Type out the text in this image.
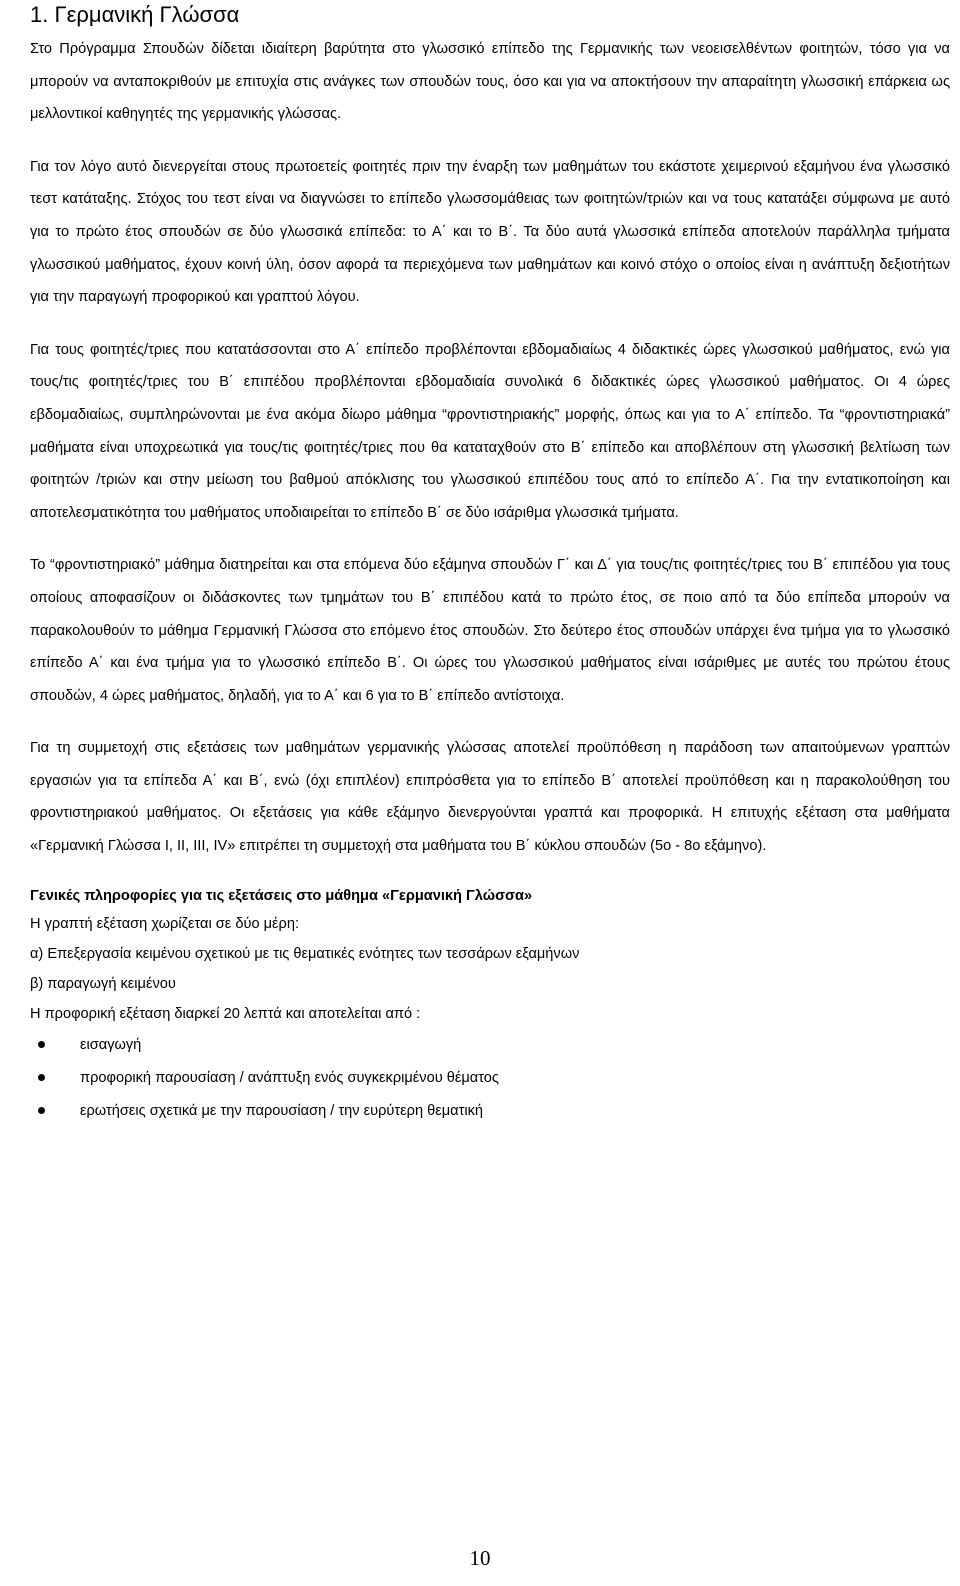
1. Γερμανική Γλώσσα

Στο Πρόγραμμα Σπουδών δίδεται ιδιαίτερη βαρύτητα στο γλωσσικό επίπεδο της Γερμανικής των νεοεισελθέντων φοιτητών, τόσο για να μπορούν να ανταποκριθούν με επιτυχία στις ανάγκες των σπουδών τους, όσο και για να αποκτήσουν την απαραίτητη γλωσσική επάρκεια ως μελλοντικοί καθηγητές της γερμανικής γλώσσας.

Για τον λόγο αυτό διενεργείται στους πρωτοετείς φοιτητές πριν την έναρξη των μαθημάτων του εκάστοτε χειμερινού εξαμήνου ένα γλωσσικό τεστ κατάταξης. Στόχος του τεστ είναι να διαγνώσει το επίπεδο γλωσσομάθειας των φοιτητών/τριών και να τους κατατάξει σύμφωνα με αυτό για το πρώτο έτος σπουδών σε δύο γλωσσικά επίπεδα: το Α΄ και το Β΄. Τα δύο αυτά γλωσσικά επίπεδα αποτελούν παράλληλα τμήματα γλωσσικού μαθήματος, έχουν κοινή ύλη, όσον αφορά τα περιεχόμενα των μαθημάτων και κοινό στόχο ο οποίος είναι η ανάπτυξη δεξιοτήτων για την παραγωγή προφορικού και γραπτού λόγου.

Για τους φοιτητές/τριες που κατατάσσονται στο Α΄ επίπεδο προβλέπονται εβδομαδιαίως 4 διδακτικές ώρες γλωσσικού μαθήματος, ενώ για τους/τις φοιτητές/τριες του Β΄ επιπέδου προβλέπονται εβδομαδιαία συνολικά 6 διδακτικές ώρες γλωσσικού μαθήματος. Οι 4 ώρες εβδομαδιαίως, συμπληρώνονται με ένα ακόμα δίωρο μάθημα “φροντιστηριακής” μορφής, όπως και για το Α΄ επίπεδο. Τα “φροντιστηριακά” μαθήματα είναι υποχρεωτικά για τους/τις φοιτητές/τριες που θα καταταχθούν στο Β΄ επίπεδο και αποβλέπουν στη γλωσσική βελτίωση των φοιτητών /τριών και στην μείωση του βαθμού απόκλισης του γλωσσικού επιπέδου τους από το επίπεδο Α΄. Για την εντατικοποίηση και αποτελεσματικότητα του μαθήματος υποδιαιρείται το επίπεδο Β΄ σε δύο ισάριθμα γλωσσικά τμήματα.

Το “φροντιστηριακό” μάθημα διατηρείται και στα επόμενα δύο εξάμηνα σπουδών Γ΄ και Δ΄ για τους/τις φοιτητές/τριες του Β΄ επιπέδου για τους οποίους αποφασίζουν οι διδάσκοντες των τμημάτων του Β΄ επιπέδου κατά το πρώτο έτος, σε ποιο από τα δύο επίπεδα μπορούν να παρακολουθούν το μάθημα Γερμανική Γλώσσα στο επόμενο έτος σπουδών. Στο δεύτερο έτος σπουδών υπάρχει ένα τμήμα για το γλωσσικό επίπεδο Α΄ και ένα τμήμα για το γλωσσικό επίπεδο Β΄. Οι ώρες του γλωσσικού μαθήματος είναι ισάριθμες με αυτές του πρώτου έτους σπουδών, 4 ώρες μαθήματος, δηλαδή, για το Α΄ και 6 για το Β΄ επίπεδο αντίστοιχα.

Για τη συμμετοχή στις εξετάσεις των μαθημάτων γερμανικής γλώσσας αποτελεί προϋπόθεση η παράδοση των απαιτούμενων γραπτών εργασιών για τα επίπεδα Α΄ και Β΄, ενώ (όχι επιπλέον) επιπρόσθετα για το επίπεδο Β΄ αποτελεί προϋπόθεση και η παρακολούθηση του φροντιστηριακού μαθήματος. Οι εξετάσεις για κάθε εξάμηνο διενεργούνται γραπτά και προφορικά. Η επιτυχής εξέταση στα μαθήματα «Γερμανική Γλώσσα Ι, ΙΙ, ΙΙΙ, ΙV» επιτρέπει τη συμμετοχή στα μαθήματα του Β΄ κύκλου σπουδών (5ο - 8ο εξάμηνο).

Γενικές πληροφορίες για τις εξετάσεις στο μάθημα «Γερμανική Γλώσσα»

Η γραπτή εξέταση χωρίζεται σε δύο μέρη:

α) Επεξεργασία κειμένου σχετικού με τις θεματικές ενότητες των τεσσάρων εξαμήνων

β) παραγωγή κειμένου

Η προφορική εξέταση διαρκεί 20 λεπτά και αποτελείται από :

εισαγωγή
προφορική παρουσίαση / ανάπτυξη ενός συγκεκριμένου θέματος
ερωτήσεις σχετικά με την παρουσίαση / την ευρύτερη θεματική
10
